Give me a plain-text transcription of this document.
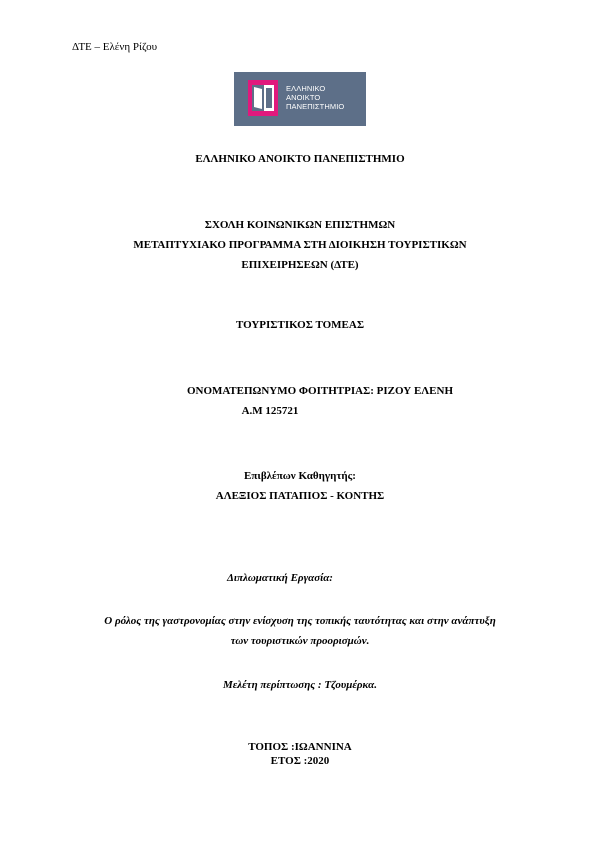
ΔΤΕ – Ελένη Ρίζου
ΕΛΛΗΝΙΚΟ
ΑΝΟΙΚΤΟ
ΠΑΝΕΠΙΣΤΗΜΙΟ
ΕΛΛΗΝΙΚΟ ΑΝΟΙΚΤΟ ΠΑΝΕΠΙΣΤΗΜΙΟ
ΣΧΟΛΗ ΚΟΙΝΩΝΙΚΩΝ ΕΠΙΣΤΗΜΩΝ
ΜΕΤΑΠΤΥΧΙΑΚΟ ΠΡΟΓΡΑΜΜΑ ΣΤΗ ΔΙΟΙΚΗΣΗ ΤΟΥΡΙΣΤΙΚΩΝ
ΕΠΙΧΕΙΡΗΣΕΩΝ (ΔΤΕ)
ΤΟΥΡΙΣΤΙΚΟΣ ΤΟΜΕΑΣ
ΟΝΟΜΑΤΕΠΩΝΥΜΟ ΦΟΙΤΗΤΡΙΑΣ: ΡΙΖΟΥ ΕΛΕΝΗ
Α.Μ 125721
Επιβλέπων Καθηγητής:
ΑΛΕΞΙΟΣ ΠΑΤΑΠΙΟΣ - ΚΟΝΤΗΣ
Διπλωματική Εργασία:
Ο ρόλος της γαστρονομίας στην ενίσχυση της τοπικής ταυτότητας και στην ανάπτυξη
των τουριστικών προορισμών.
Μελέτη περίπτωσης : Τζουμέρκα.
ΤΟΠΟΣ :ΙΩΑΝΝΙΝΑ
ΕΤΟΣ :2020
